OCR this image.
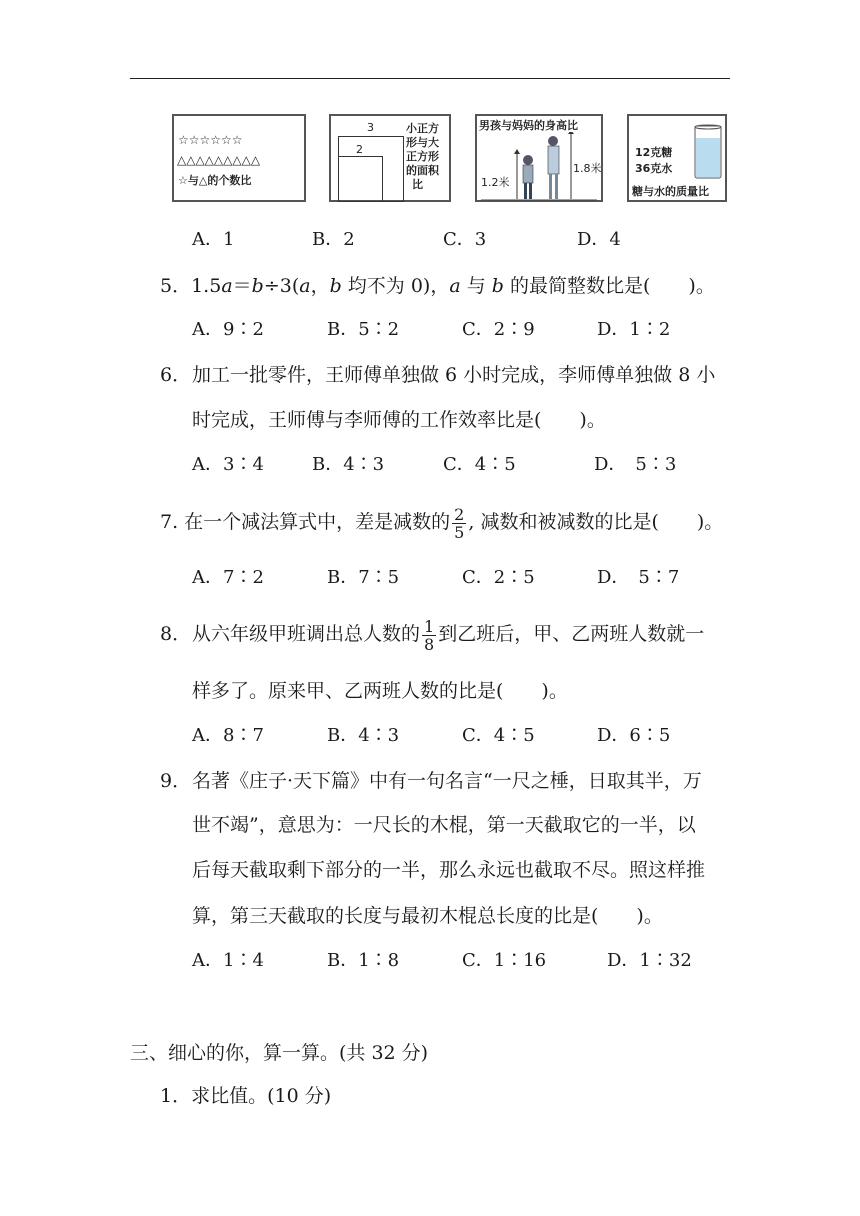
☆☆☆☆☆☆
△△△△△△△△△
☆与△的个数比
3
2
小正方
形与大
正方形
的面积
比
男孩与妈妈的身高比
1.2米
1.8米
12克糖
36克水
糖与水的质量比
A．1	B．2	C．3	D．4
5．1.5a＝b÷3(a，b 均不为 0)，a 与 b 的最简整数比是(　　)。
A．9∶2	B．5∶2	C．2∶9	D．1∶2
6． 加工一批零件，王师傅单独做 6 小时完成，李师傅单独做 8 小
时完成，王师傅与李师傅的工作效率比是(　　)。
A．3∶4	B．4∶3	C．4∶5	D．　5∶3
7. 在一个减法算式中，差是减数的 $\frac{2}{5}$ , 减数和被减数的比是(　　)。
A．7∶2	B．7∶5	C．2∶5	D．　5∶7
8． 从六年级甲班调出总人数的 $\frac{1}{8}$ 到乙班后，甲、乙两班人数就一
样多了。原来甲、乙两班人数的比是(　　)。
A．8∶7	B．4∶3	C．4∶5	D．6∶5
9． 名著《庄子·天下篇》中有一句名言“一尺之棰，日取其半，万
世不竭”，意思为：一尺长的木棍，第一天截取它的一半，以
后每天截取剩下部分的一半，那么永远也截取不尽。照这样推
算，第三天截取的长度与最初木棍总长度的比是(　　)。
A．1∶4	B．1∶8	C．1∶16	D．1∶32
三、细心的你，算一算。(共 32 分)
1．求比值。(10 分)
